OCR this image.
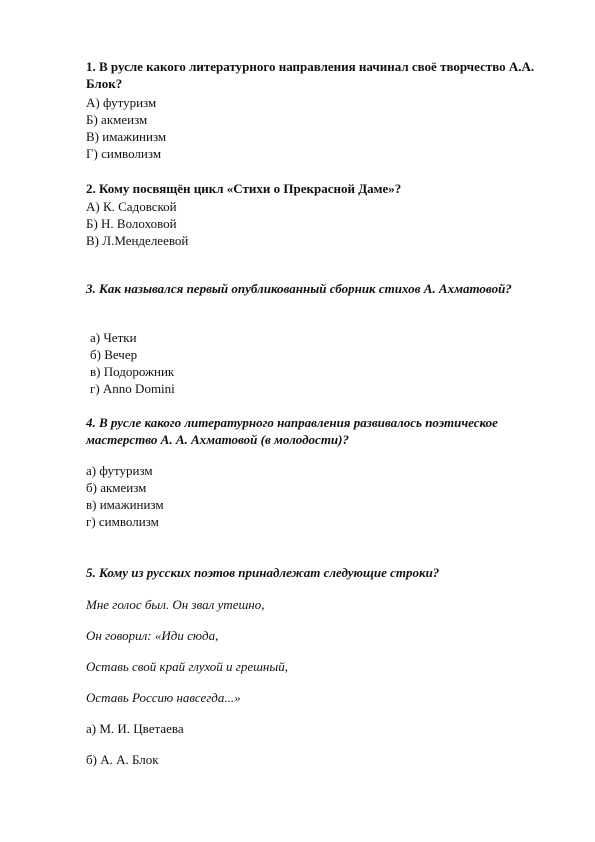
1. В русле какого литературного направления начинал своё творчество А.А. Блок?
А) футуризм
Б) акмеизм
В) имажинизм
Г) символизм
2. Кому посвящён цикл «Стихи о Прекрасной Даме»?
А) К. Садовской
Б) Н. Волоховой
В) Л.Менделеевой
3. Как назывался первый опубликованный сборник стихов А. Ахматовой?
а) Четки
б) Вечер
в) Подорожник
г) Anno Domini
4. В русле какого литературного направления развивалось поэтическое мастерство А. А. Ахматовой (в молодости)?
а) футуризм
б) акмеизм
в) имажинизм
г) символизм
5. Кому из русских поэтов принадлежат следующие строки?
Мне голос был. Он звал утешно,
Он говорил: «Иди сюда,
Оставь свой край глухой и грешный,
Оставь Россию навсегда...»
а) М. И. Цветаева
б) А. А. Блок
